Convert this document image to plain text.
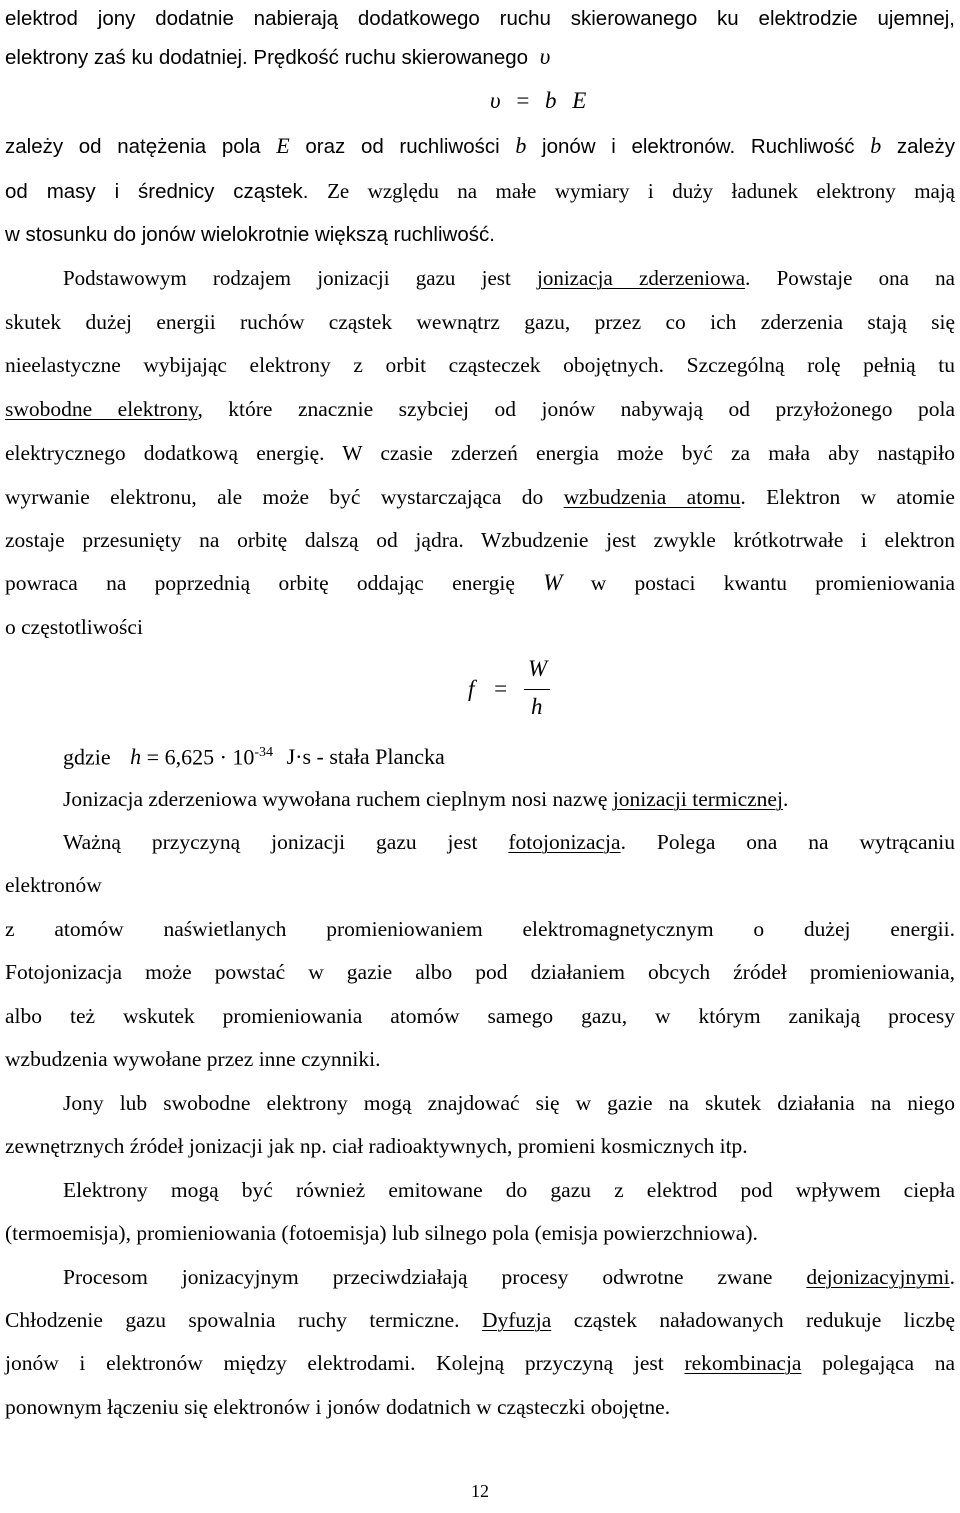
elektrod jony dodatnie nabierają dodatkowego ruchu skierowanego ku elektrodzie ujemnej,
elektrony zaś ku dodatniej. Prędkość ruchu skierowanego υ
υ = b E
zależy od natężenia pola E oraz od ruchliwości b jonów i elektronów. Ruchliwość b zależy
od masy i średnicy cząstek. Ze względu na małe wymiary i duży ładunek elektrony mają
w stosunku do jonów wielokrotnie większą ruchliwość.
Podstawowym rodzajem jonizacji gazu jest jonizacja zderzeniowa. Powstaje ona na
skutek dużej energii ruchów cząstek wewnątrz gazu, przez co ich zderzenia stają się
nieelastyczne wybijając elektrony z orbit cząsteczek obojętnych. Szczególną rolę pełnią tu
swobodne elektrony, które znacznie szybciej od jonów nabywają od przyłożonego pola
elektrycznego dodatkową energię. W czasie zderzeń energia może być za mała aby nastąpiło
wyrwanie elektronu, ale może być wystarczająca do wzbudzenia atomu. Elektron w atomie
zostaje przesunięty na orbitę dalszą od jądra. Wzbudzenie jest zwykle krótkotrwałe i elektron
powraca na poprzednią orbitę oddając energię W w postaci kwantu promieniowania
o częstotliwości
f =
W
h
gdzie $h = 6,625 \cdot 10^{-34}$ J·s - stała Plancka
Jonizacja zderzeniowa wywołana ruchem cieplnym nosi nazwę jonizacji termicznej.
Ważną przyczyną jonizacji gazu jest fotojonizacja. Polega ona na wytrącaniu
elektronów
z atomów naświetlanych promieniowaniem elektromagnetycznym o dużej energii.
Fotojonizacja może powstać w gazie albo pod działaniem obcych źródeł promieniowania,
albo też wskutek promieniowania atomów samego gazu, w którym zanikają procesy
wzbudzenia wywołane przez inne czynniki.
Jony lub swobodne elektrony mogą znajdować się w gazie na skutek działania na niego
zewnętrznych źródeł jonizacji jak np. ciał radioaktywnych, promieni kosmicznych itp.
Elektrony mogą być również emitowane do gazu z elektrod pod wpływem ciepła
(termoemisja), promieniowania (fotoemisja) lub silnego pola (emisja powierzchniowa).
Procesom jonizacyjnym przeciwdziałają procesy odwrotne zwane dejonizacyjnymi.
Chłodzenie gazu spowalnia ruchy termiczne. Dyfuzja cząstek naładowanych redukuje liczbę
jonów i elektronów między elektrodami. Kolejną przyczyną jest rekombinacja polegająca na
ponownym łączeniu się elektronów i jonów dodatnich w cząsteczki obojętne.
12
